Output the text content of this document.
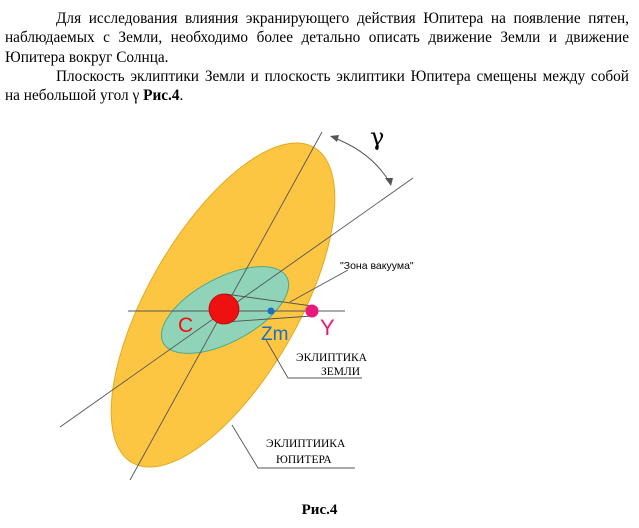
Для исследования влияния экранирующего действия Юпитера на появление пятен, наблюдаемых с Земли, необходимо более детально описать движение Земли и движение Юпитера вокруг Солнца.

Плоскость эклиптики Земли и плоскость эклиптики Юпитера смещены между собой на небольшой угол γ Рис.4.

γ
"Зона вакуума"
C	Zm Y
ЭКЛИПТИКА
ЗЕМЛИ
ЭКЛИПТИИКА
ЮПИТЕРА
Рис.4
